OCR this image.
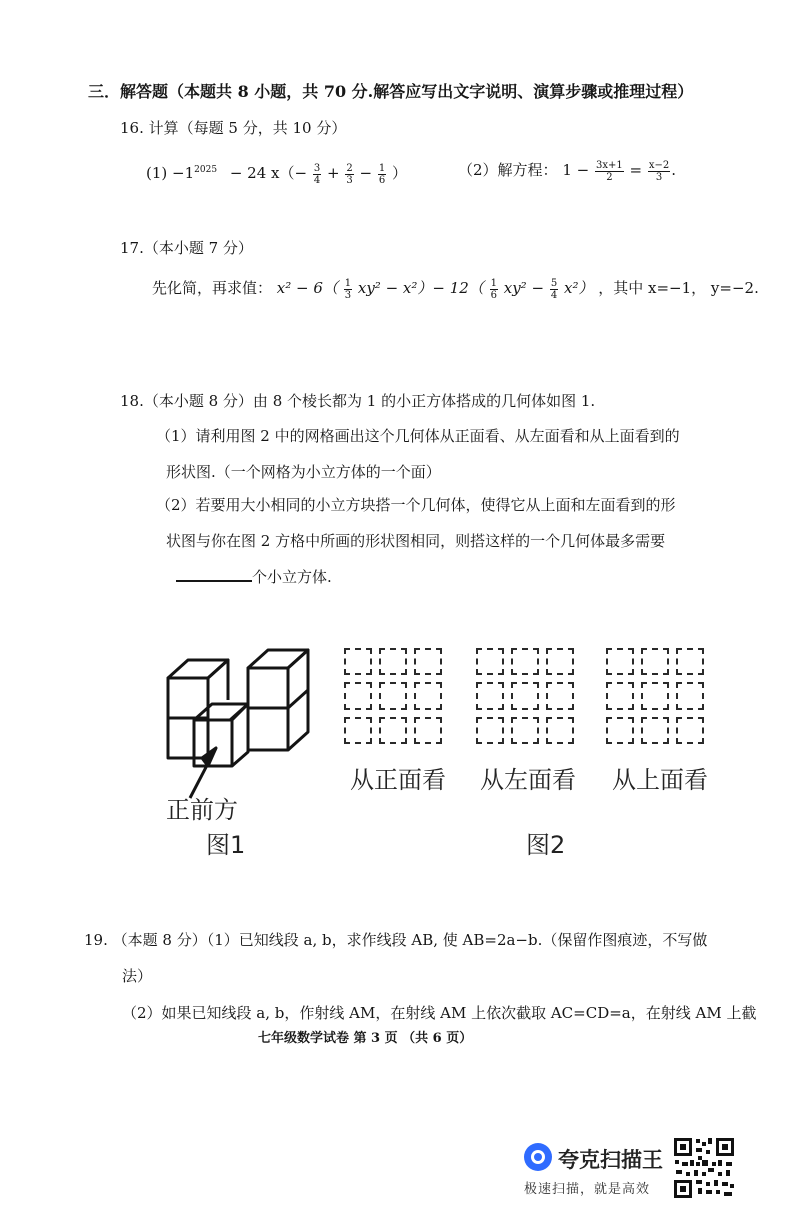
三．解答题（本题共 8 小题，共 70 分.解答应写出文字说明、演算步骤或推理过程）
16. 计算（每题 5 分，共 10 分）
$(1) -1^{2025} - 24$ $x(- \frac{3}{4} + \frac{2}{3} - \frac{1}{6}$ ）	（2）解方程： $1 - \frac{3x+1}{2} = \frac{x-2}{3}$ .
17.（本小题 7 分）
先化简，再求值： $x^2 - 6( \frac{1}{3} xy^2 - x^2)- 12( \frac{1}{6} xy^2 - \frac{5}{4} x^2)$ ，其中 x=−1， y=−2.
18.（本小题 8 分）由 8 个棱长都为 1 的小正方体搭成的几何体如图 1.
（1）请利用图 2 中的网格画出这个几何体从正面看、从左面看和从上面看到的
形状图.（一个网格为小立方体的一个面）
（2）若要用大小相同的小立方块搭一个几何体，使得它从上面和左面看到的形
状图与你在图 2 方格中所画的形状图相同，则搭这样的一个几何体最多需要
个小立方体.
正前方
图1
从正面看 从左面看 从上面看
图2
19. （本题 8 分）（1）已知线段 a, b，求作线段 AB, 使 AB=2a−b.（保留作图痕迹，不写做
法）
（2）如果已知线段 a, b，作射线 AM，在射线 AM 上依次截取 AC=CD=a，在射线 AM 上截
七年级数学试卷 第 3 页 （共 6 页）
夸克扫描王
极速扫描，就是高效
